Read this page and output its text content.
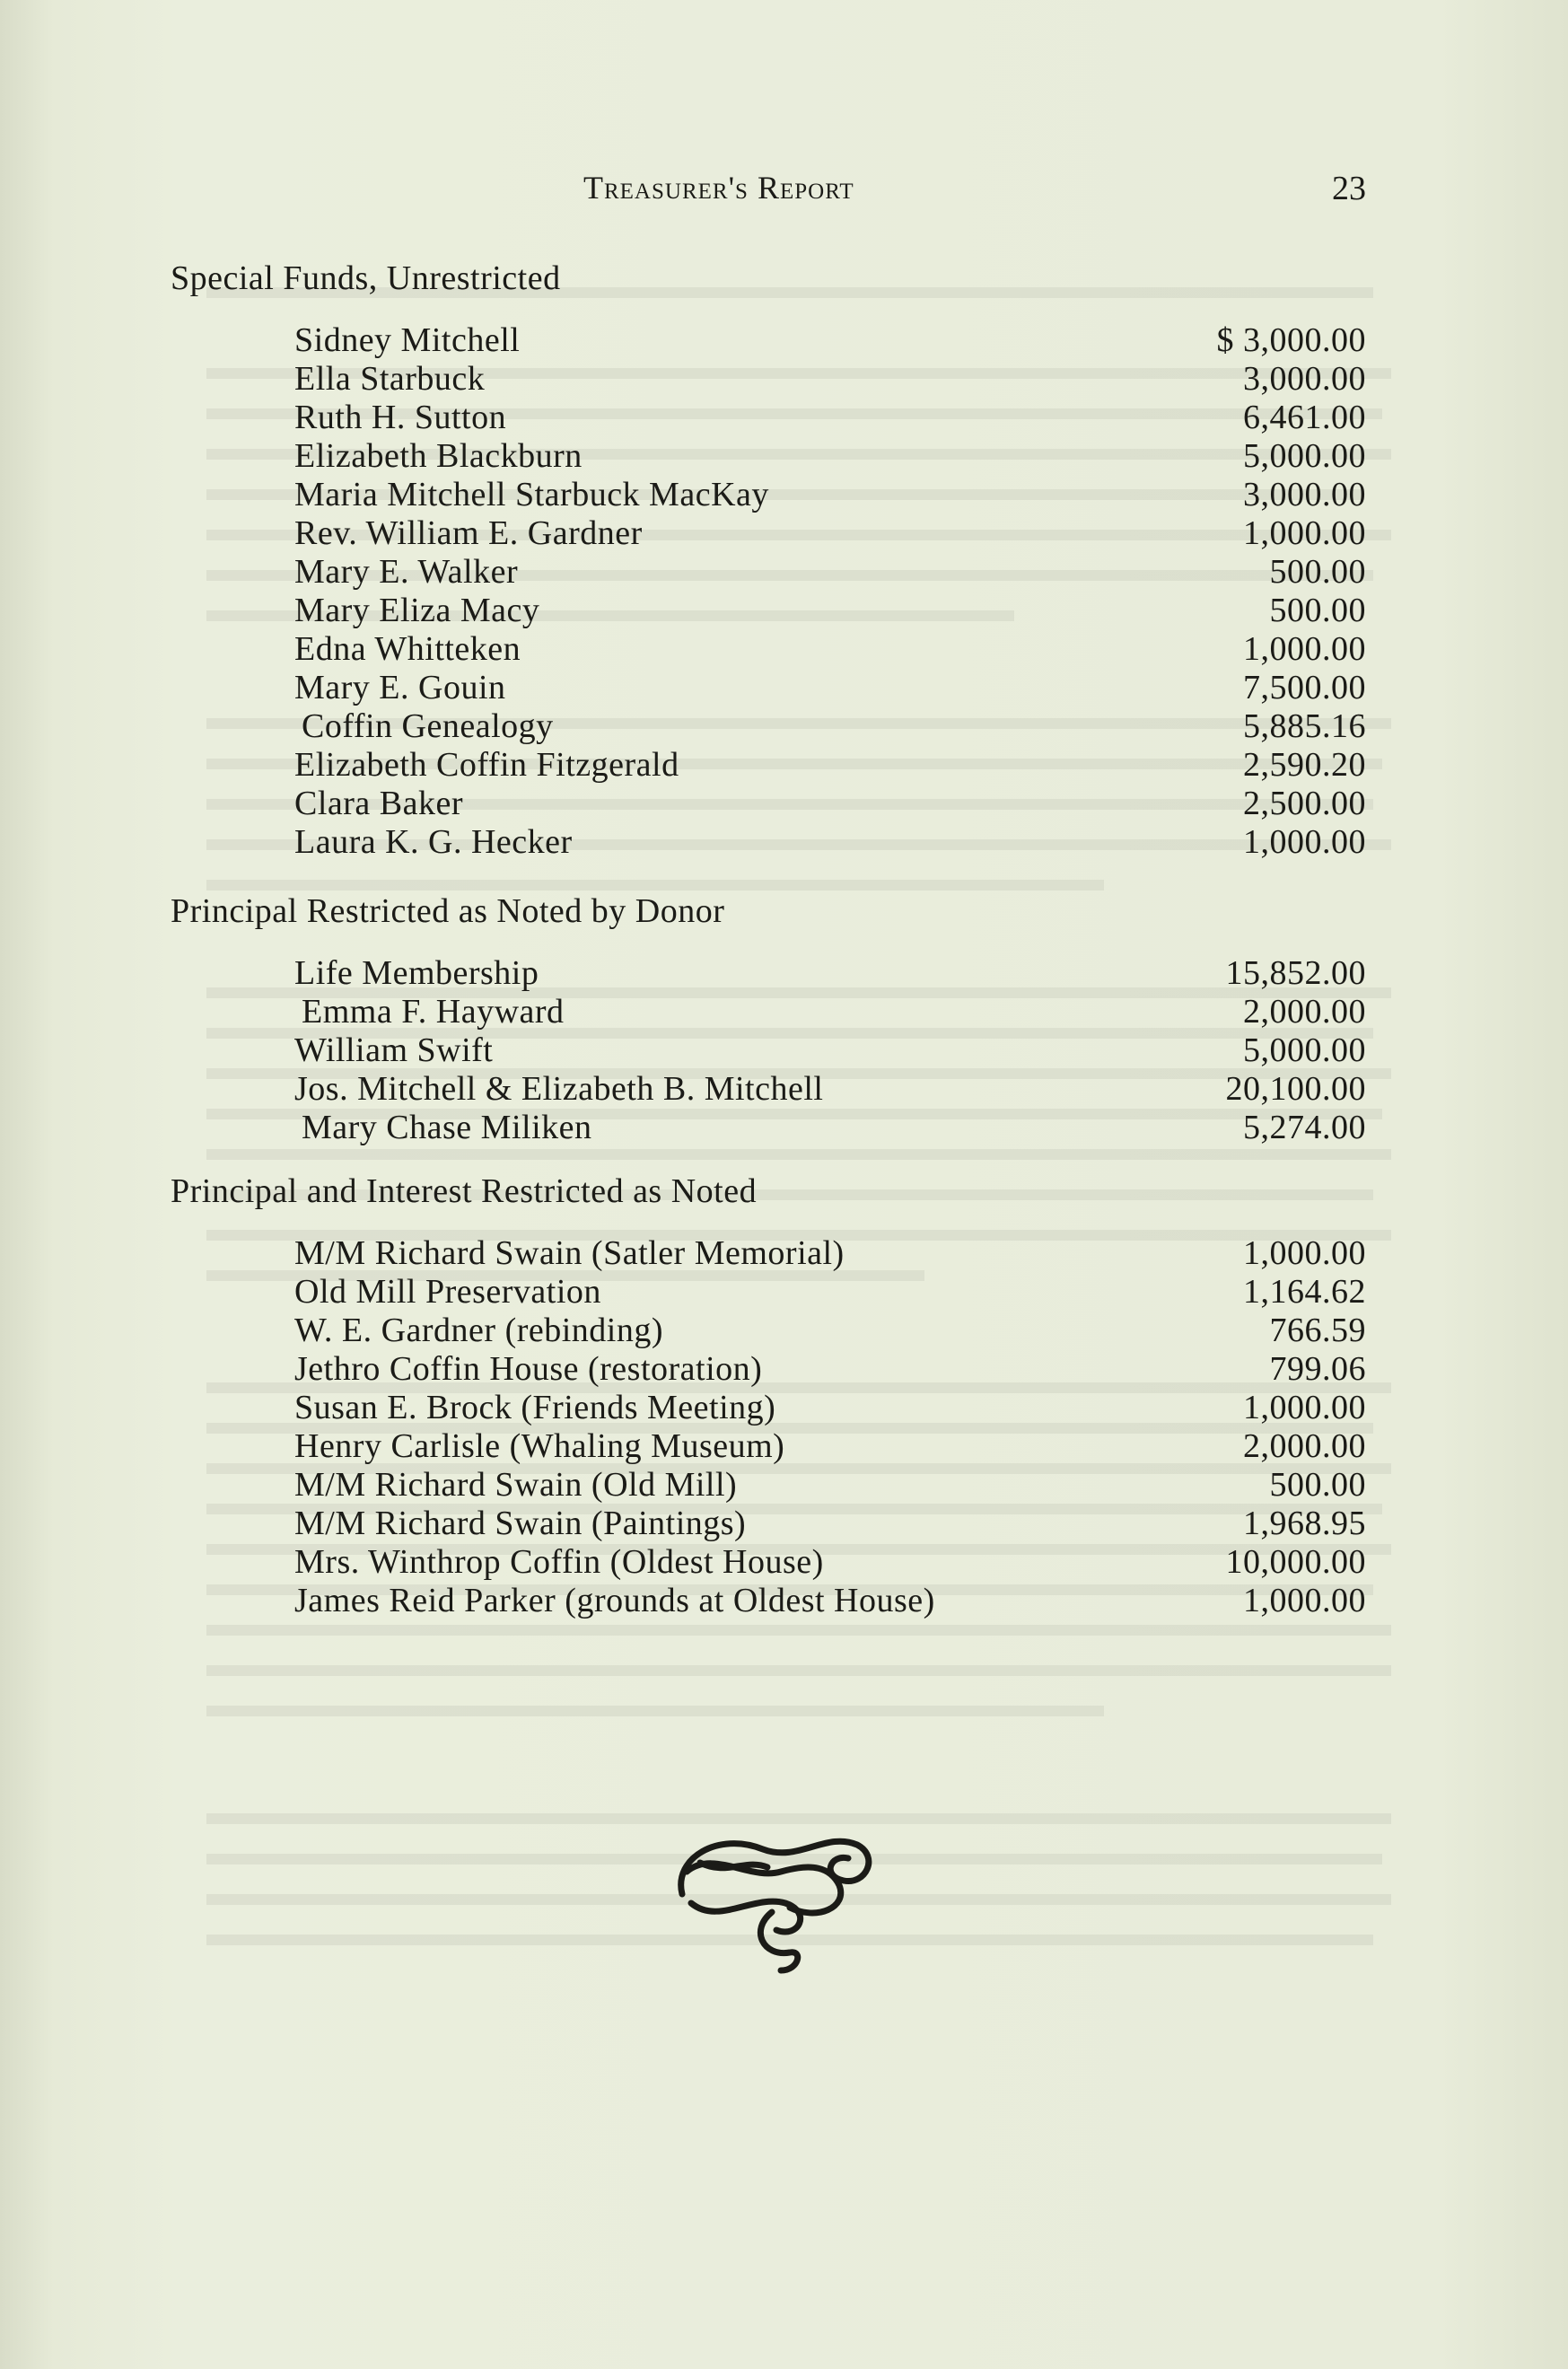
Treasurer's Report	23
Special Funds, Unrestricted
Sidney Mitchell	$ 3,000.00
Ella Starbuck	3,000.00
Ruth H. Sutton	6,461.00
Elizabeth Blackburn	5,000.00
Maria Mitchell Starbuck MacKay	3,000.00
Rev. William E. Gardner	1,000.00
Mary E. Walker	500.00
Mary Eliza Macy	500.00
Edna Whitteken	1,000.00
Mary E. Gouin	7,500.00
Coffin Genealogy	5,885.16
Elizabeth Coffin Fitzgerald	2,590.20
Clara Baker	2,500.00
Laura K. G. Hecker	1,000.00
Principal Restricted as Noted by Donor
Life Membership	15,852.00
Emma F. Hayward	2,000.00
William Swift	5,000.00
Jos. Mitchell & Elizabeth B. Mitchell	20,100.00
Mary Chase Miliken	5,274.00
Principal and Interest Restricted as Noted
M/M Richard Swain (Satler Memorial)	1,000.00
Old Mill Preservation	1,164.62
W. E. Gardner (rebinding)	766.59
Jethro Coffin House (restoration)	799.06
Susan E. Brock (Friends Meeting)	1,000.00
Henry Carlisle (Whaling Museum)	2,000.00
M/M Richard Swain (Old Mill)	500.00
M/M Richard Swain (Paintings)	1,968.95
Mrs. Winthrop Coffin (Oldest House)	10,000.00
James Reid Parker (grounds at Oldest House)	1,000.00
